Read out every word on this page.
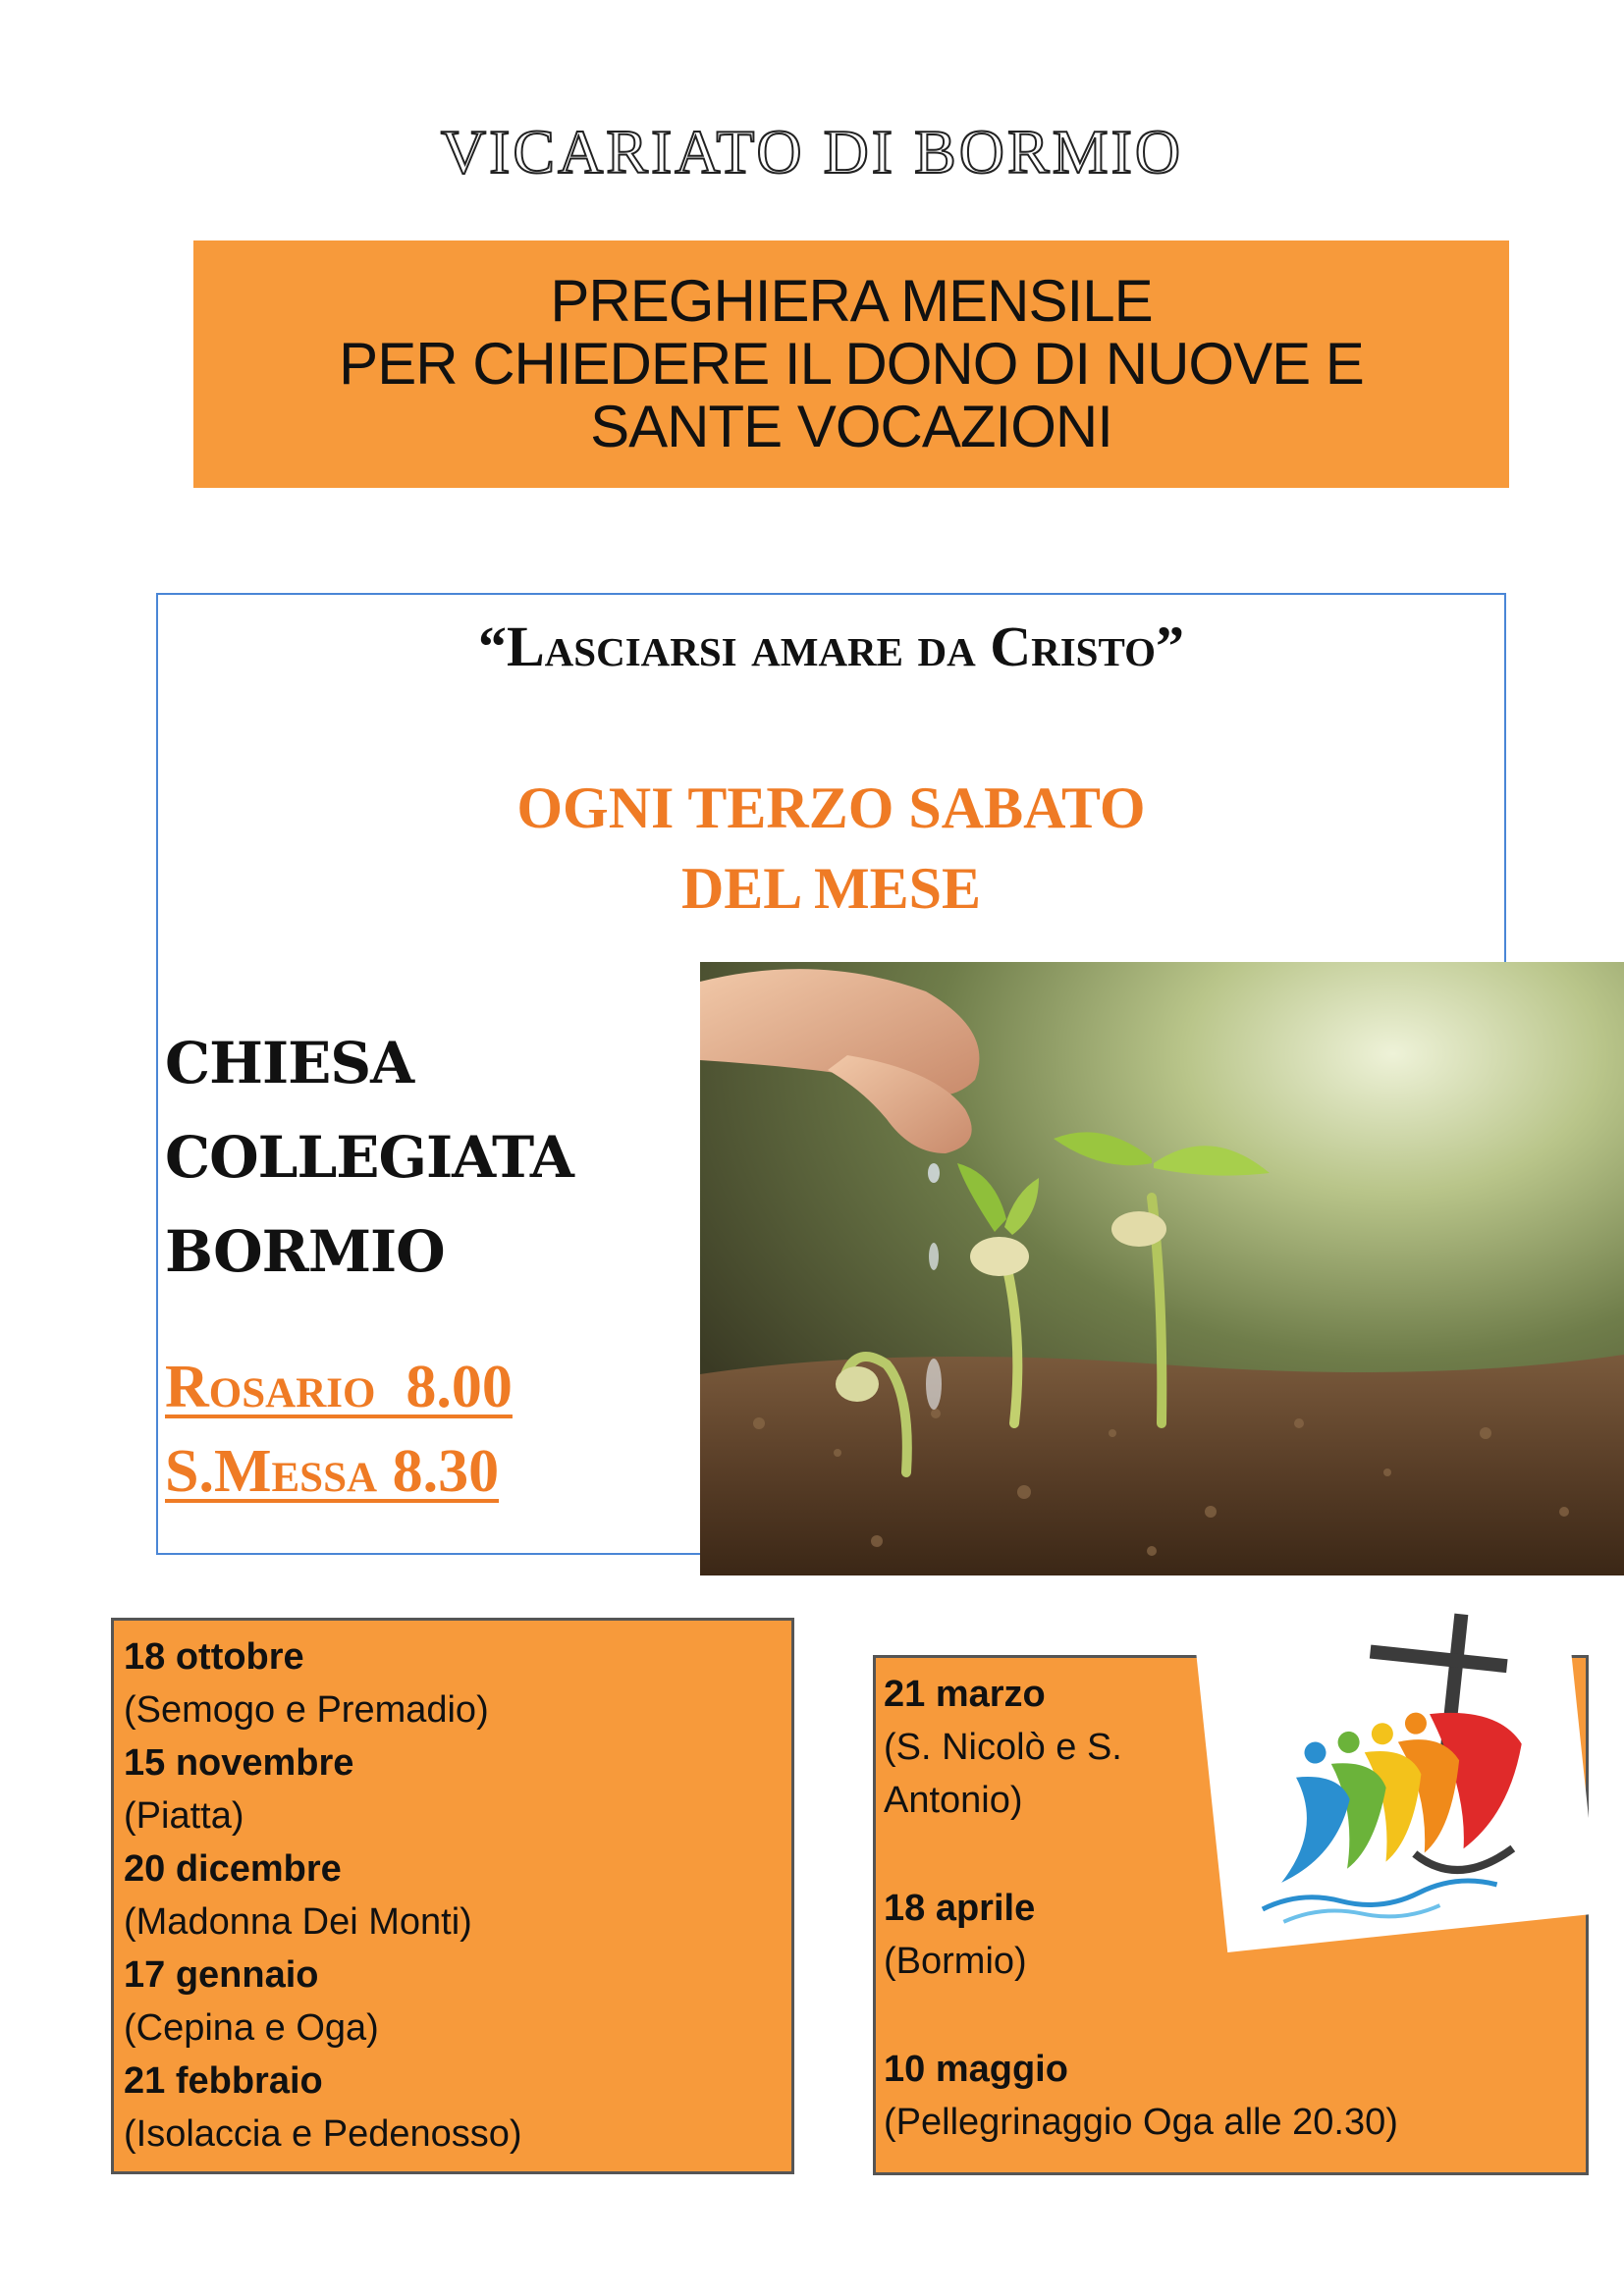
VICARIATO DI BORMIO
PREGHIERA MENSILE
PER CHIEDERE IL DONO DI NUOVE E
SANTE VOCAZIONI
“Lasciarsi amare da Cristo”
OGNI TERZO SABATO
DEL MESE
CHIESA
COLLEGIATA
BORMIO
Rosario  8.00
S.Messa 8.30
18 ottobre
(Semogo e Premadio)
15 novembre
(Piatta)
20 dicembre
(Madonna Dei Monti)
17 gennaio
(Cepina e Oga)
21 febbraio
(Isolaccia e Pedenosso)
21 marzo
(S. Nicolò e S.
Antonio)
18 aprile
(Bormio)
10 maggio
(Pellegrinaggio Oga alle 20.30)
